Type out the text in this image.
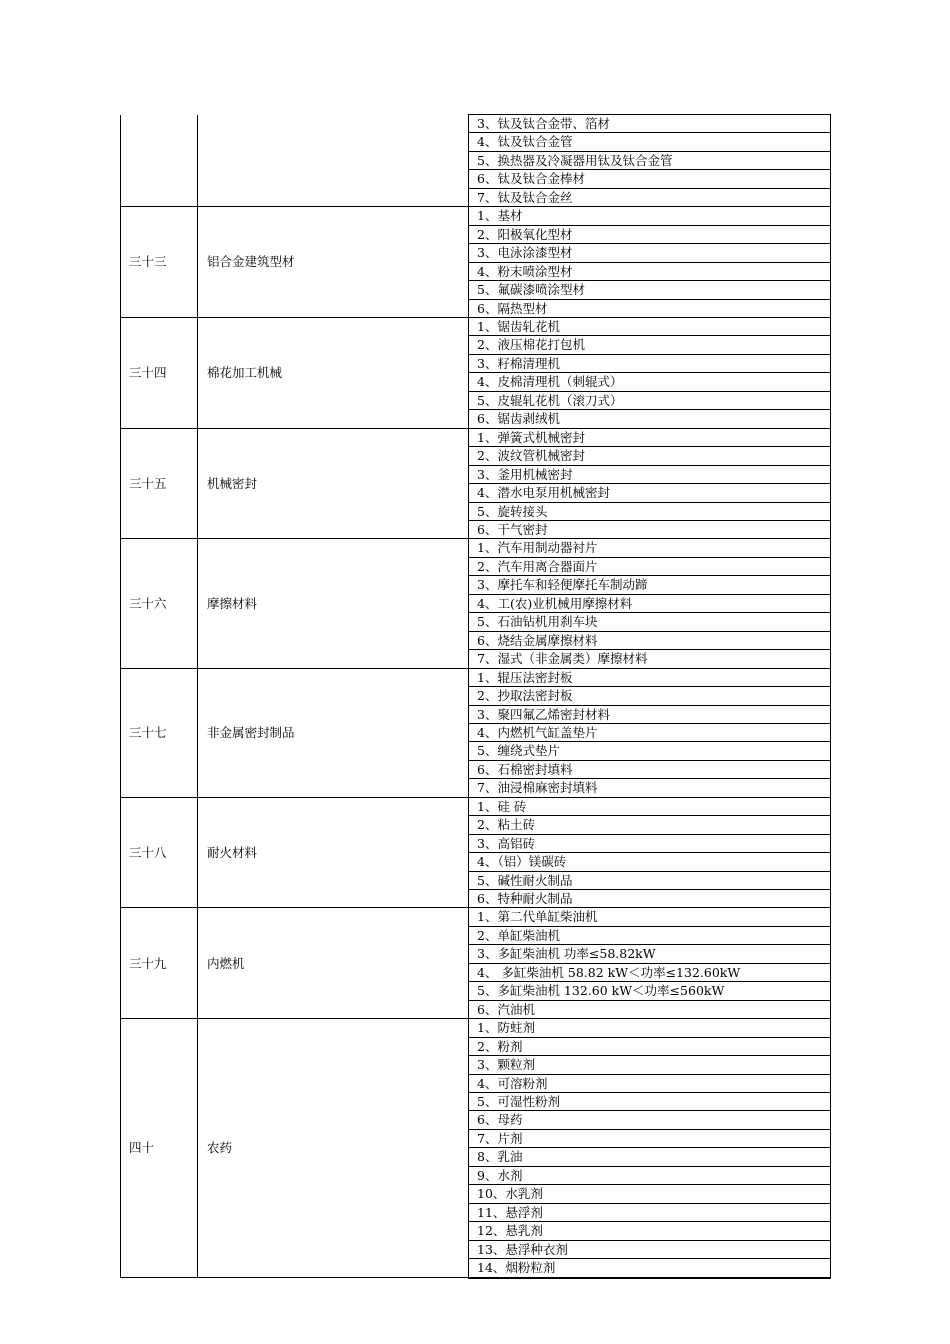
		3、钛及钛合金带、箔材
		4、钛及钛合金管
		5、换热器及冷凝器用钛及钛合金管
		6、钛及钛合金棒材
		7、钛及钛合金丝
三十三	铝合金建筑型材	1、基材
		2、阳极氧化型材
		3、电泳涂漆型材
		4、粉末喷涂型材
		5、氟碳漆喷涂型材
		6、隔热型材
三十四	棉花加工机械	1、锯齿轧花机
		2、液压棉花打包机
		3、籽棉清理机
		4、皮棉清理机（刺辊式）
		5、皮辊轧花机（滚刀式）
		6、锯齿剥绒机
三十五	机械密封	1、弹簧式机械密封
		2、波纹管机械密封
		3、釜用机械密封
		4、潜水电泵用机械密封
		5、旋转接头
		6、干气密封
三十六	摩擦材料	1、汽车用制动器衬片
		2、汽车用离合器面片
		3、摩托车和轻便摩托车制动蹄
		4、工(农)业机械用摩擦材料
		5、石油钻机用刹车块
		6、烧结金属摩擦材料
		7、湿式（非金属类）摩擦材料
三十七	非金属密封制品	1、辊压法密封板
		2、抄取法密封板
		3、聚四氟乙烯密封材料
		4、内燃机气缸盖垫片
		5、缠绕式垫片
		6、石棉密封填料
		7、油浸棉麻密封填料
三十八	耐火材料	1、硅 砖
		2、粘土砖
		3、高铝砖
		4、（铝）镁碳砖
		5、碱性耐火制品
		6、特种耐火制品
三十九	内燃机	1、第二代单缸柴油机
		2、单缸柴油机
		3、多缸柴油机 功率≤58.82kW
		4、 多缸柴油机 58.82 kW＜功率≤132.60kW
		5、多缸柴油机 132.60 kW＜功率≤560kW
		6、汽油机
四十	农药	1、防蛀剂
		2、粉剂
		3、颗粒剂
		4、可溶粉剂
		5、可湿性粉剂
		6、母药
		7、片剂
		8、乳油
		9、水剂
		10、水乳剂
		11、悬浮剂
		12、悬乳剂
		13、悬浮种衣剂
		14、烟粉粒剂
